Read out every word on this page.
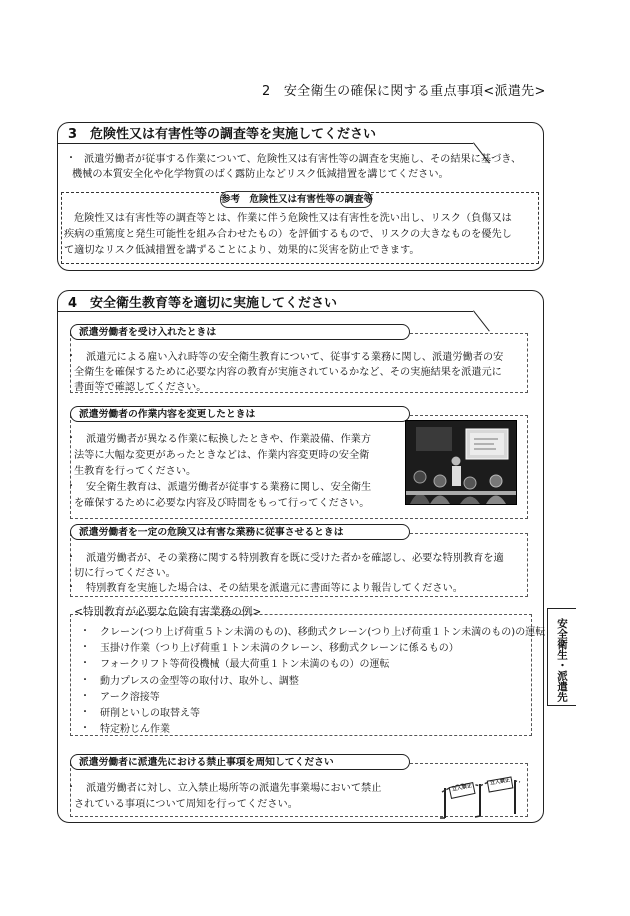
2　安全衛生の確保に関する重点事項<派遣先>
3　危険性又は有害性等の調査等を実施してください
・ 派遣労働者が従事する作業について、危険性又は有害性等の調査を実施し、その結果に基づき、
機械の本質安全化や化学物質のばく露防止などリスク低減措置を講じてください。
危険性又は有害性等の調査等とは、作業に伴う危険性又は有害性を洗い出し、リスク（負傷又は
疾病の重篤度と発生可能性を組み合わせたもの）を評価するもので、リスクの大きなものを優先し
て適切なリスク低減措置を講ずることにより、効果的に災害を防止できます。
参考　危険性又は有害性等の調査等
4　安全衛生教育等を適切に実施してください
派遣労働者を受け入れたときは
・ 派遣元による雇い入れ時等の安全衛生教育について、従事する業務に関し、派遣労働者の安
全衛生を確保するために必要な内容の教育が実施されているかなど、その実施結果を派遣元に
書面等で確認してください。
派遣労働者の作業内容を変更したときは
・ 派遣労働者が異なる作業に転換したときや、作業設備、作業方
法等に大幅な変更があったときなどは、作業内容変更時の安全衛
生教育を行ってください。
・ 安全衛生教育は、派遣労働者が従事する業務に関し、安全衛生
を確保するために必要な内容及び時間をもって行ってください。
派遣労働者を一定の危険又は有害な業務に従事させるときは
・ 派遣労働者が、その業務に関する特別教育を既に受けた者かを確認し、必要な特別教育を適
切に行ってください。
・ 特別教育を実施した場合は、その結果を派遣元に書面等により報告してください。
<特別教育が必要な危険有害業務の例>
・ クレーン(つり上げ荷重５トン未満のもの)、移動式クレーン(つり上げ荷重１トン未満のもの)の運転
・ 玉掛け作業（つり上げ荷重１トン未満のクレーン、移動式クレーンに係るもの）
・ フォークリフト等荷役機械（最大荷重１トン未満のもの）の運転
・ 動力プレスの金型等の取付け、取外し、調整
・ アーク溶接等
・ 研削といしの取替え等
・ 特定粉じん作業
派遣労働者に派遣先における禁止事項を周知してください
・ 派遣労働者に対し、立入禁止場所等の派遣先事業場において禁止
されている事項について周知を行ってください。
立入禁止
立入禁止
安全衛生・派遣先
